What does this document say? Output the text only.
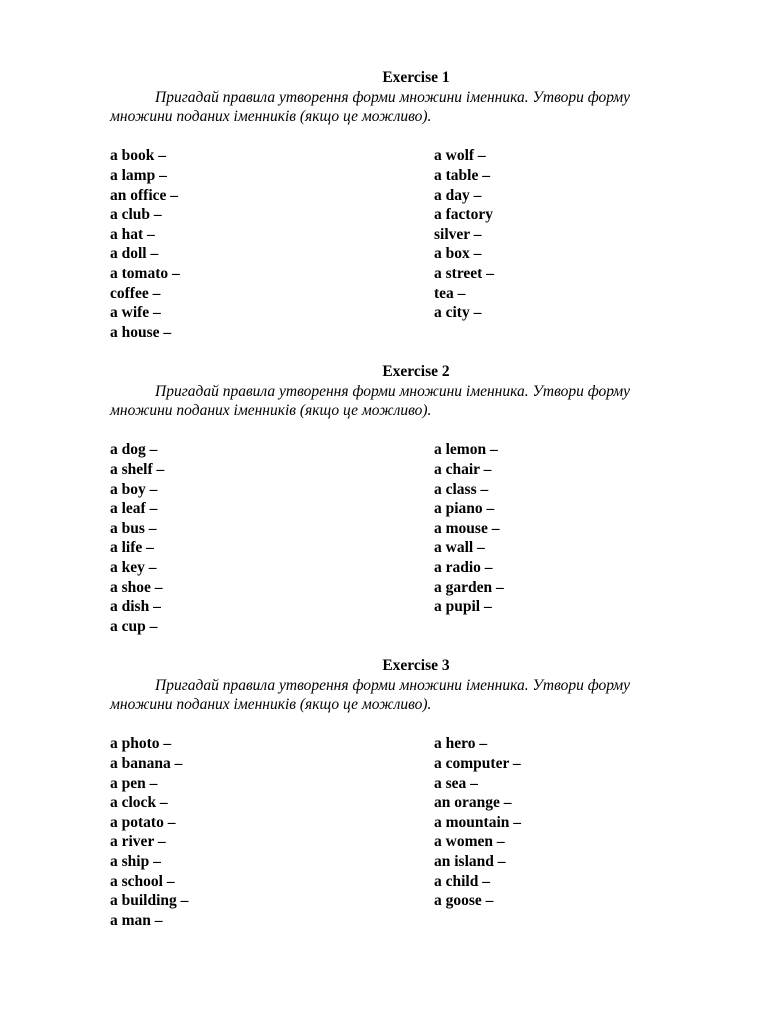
Exercise 1

Пригадай правила утворення форми множини іменника. Утвори форму
множини поданих іменників (якщо це можливо).

a book –
a lamp –
an office –
a club –
a hat –
a doll –
a tomato –
coffee –
a wife –
a house –
a wolf –
a table –
a day –
a factory
silver –
a box –
a street –
tea –
a city –
Exercise 2

Пригадай правила утворення форми множини іменника. Утвори форму
множини поданих іменників (якщо це можливо).

a dog –
a shelf –
a boy –
a leaf –
a bus –
a life –
a key –
a shoe –
a dish –
a cup –
a lemon –
a chair –
a class –
a piano –
a mouse –
a wall –
a radio –
a garden –
a pupil –
Exercise 3

Пригадай правила утворення форми множини іменника. Утвори форму
множини поданих іменників (якщо це можливо).

a photo –
a banana –
a pen –
a clock –
a potato –
a river –
a ship –
a school –
a building –
a man –
a hero –
a computer –
a sea –
an orange –
a mountain –
a women –
an island –
a child –
a goose –
